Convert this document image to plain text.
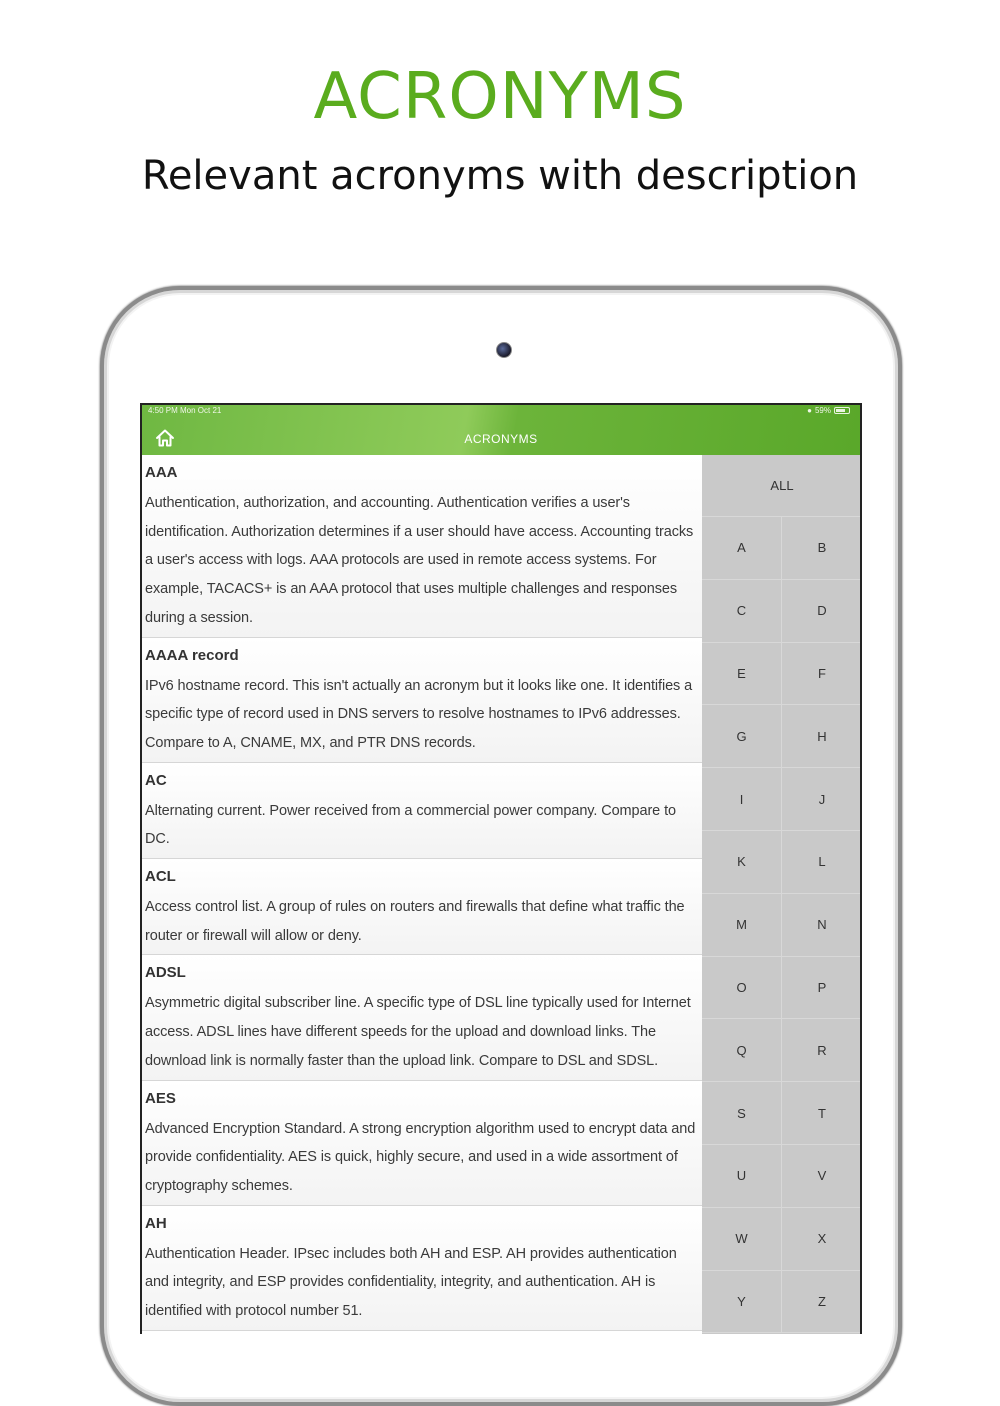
ACRONYMS

Relevant acronyms with description

4:50 PM Mon Oct 21	● 59%
ACRONYMS
AAA

Authentication, authorization, and accounting. Authentication verifies a user's identification. Authorization determines if a user should have access. Accounting tracks a user's access with logs. AAA protocols are used in remote access systems. For example, TACACS+ is an AAA protocol that uses multiple challenges and responses during a session.

AAAA record

IPv6 hostname record. This isn't actually an acronym but it looks like one. It identifies a specific type of record used in DNS servers to resolve hostnames to IPv6 addresses. Compare to A, CNAME, MX, and PTR DNS records.

AC

Alternating current. Power received from a commercial power company. Compare to DC.

ACL

Access control list. A group of rules on routers and firewalls that define what traffic the router or firewall will allow or deny.

ADSL

Asymmetric digital subscriber line. A specific type of DSL line typically used for Internet access. ADSL lines have different speeds for the upload and download links. The download link is normally faster than the upload link. Compare to DSL and SDSL.

AES

Advanced Encryption Standard. A strong encryption algorithm used to encrypt data and provide confidentiality. AES is quick, highly secure, and used in a wide assortment of cryptography schemes.

AH

Authentication Header. IPsec includes both AH and ESP. AH provides authentication and integrity, and ESP provides confidentiality, integrity, and authentication. AH is identified with protocol number 51.

ALL
A	B
C	D
E	F
G	H
I	J
K	L
M	N
O	P
Q	R
S	T
U	V
W	X
Y	Z
